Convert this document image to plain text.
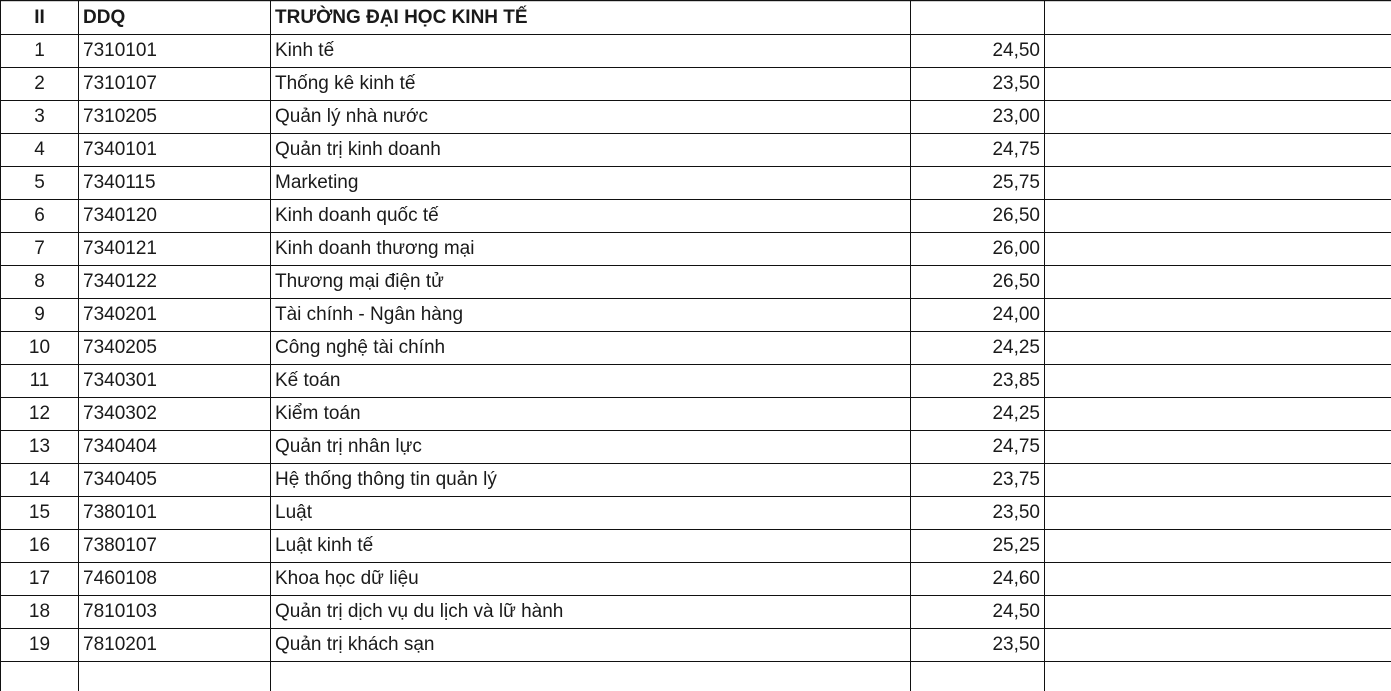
II	DDQ	TRƯỜNG ĐẠI HỌC KINH TẾ		
1	7310101	Kinh tế	24,50	
2	7310107	Thống kê kinh tế	23,50	
3	7310205	Quản lý nhà nước	23,00	
4	7340101	Quản trị kinh doanh	24,75	
5	7340115	Marketing	25,75	
6	7340120	Kinh doanh quốc tế	26,50	
7	7340121	Kinh doanh thương mại	26,00	
8	7340122	Thương mại điện tử	26,50	
9	7340201	Tài chính - Ngân hàng	24,00	
10	7340205	Công nghệ tài chính	24,25	
11	7340301	Kế toán	23,85	
12	7340302	Kiểm toán	24,25	
13	7340404	Quản trị nhân lực	24,75	
14	7340405	Hệ thống thông tin quản lý	23,75	
15	7380101	Luật	23,50	
16	7380107	Luật kinh tế	25,25	
17	7460108	Khoa học dữ liệu	24,60	
18	7810103	Quản trị dịch vụ du lịch và lữ hành	24,50	
19	7810201	Quản trị khách sạn	23,50	
